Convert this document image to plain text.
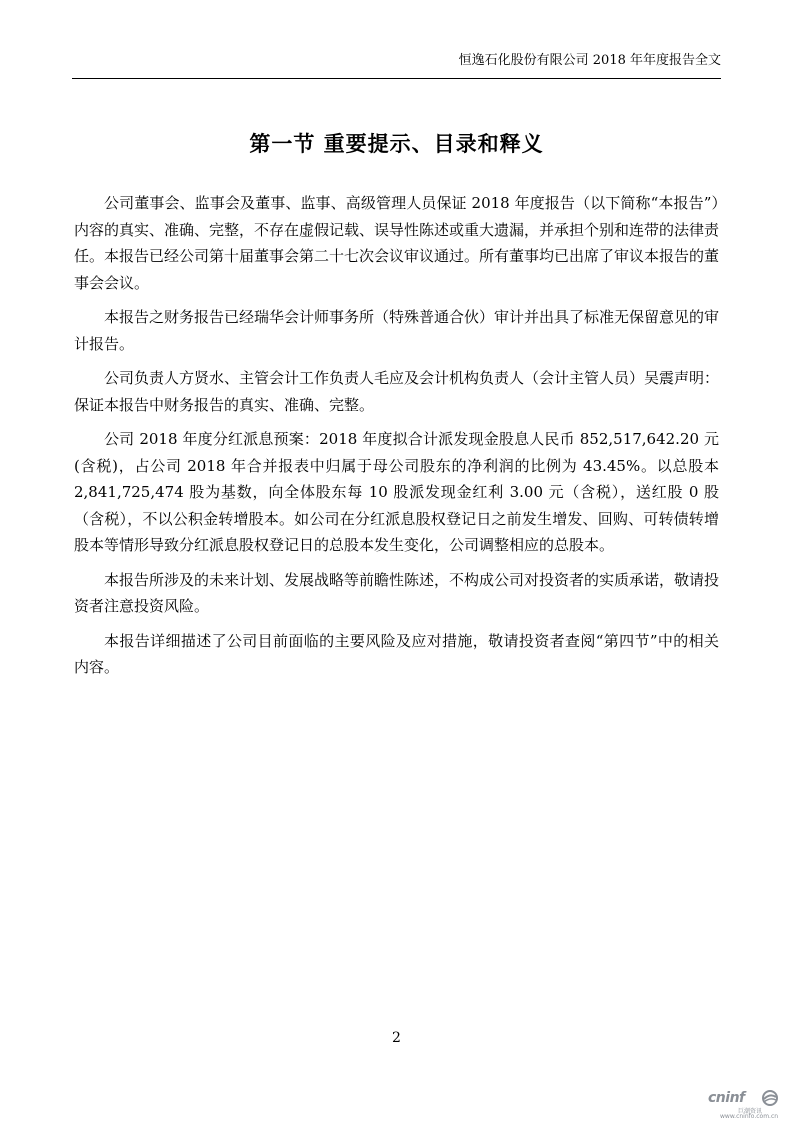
恒逸石化股份有限公司 2018 年年度报告全文
第一节 重要提示、目录和释义

公司董事会、监事会及董事、监事、高级管理人员保证 2018 年度报告（以下简称“本报告”）内容的真实、准确、完整，不存在虚假记载、误导性陈述或重大遗漏，并承担个别和连带的法律责任。本报告已经公司第十届董事会第二十七次会议审议通过。所有董事均已出席了审议本报告的董事会会议。

本报告之财务报告已经瑞华会计师事务所（特殊普通合伙）审计并出具了标准无保留意见的审计报告。

公司负责人方贤水、主管会计工作负责人毛应及会计机构负责人（会计主管人员）吴震声明：保证本报告中财务报告的真实、准确、完整。

公司 2018 年度分红派息预案：2018 年度拟合计派发现金股息人民币 852,517,642.20 元(含税)，占公司 2018 年合并报表中归属于母公司股东的净利润的比例为 43.45%。以总股本 2,841,725,474 股为基数，向全体股东每 10 股派发现金红利 3.00 元（含税），送红股 0 股（含税），不以公积金转增股本。如公司在分红派息股权登记日之前发生增发、回购、可转债转增股本等情形导致分红派息股权登记日的总股本发生变化，公司调整相应的总股本。

本报告所涉及的未来计划、发展战略等前瞻性陈述，不构成公司对投资者的实质承诺，敬请投资者注意投资风险。

本报告详细描述了公司目前面临的主要风险及应对措施，敬请投资者查阅“第四节”中的相关内容。

2
cninf
巨潮资讯
www.cninfo.com.cn
